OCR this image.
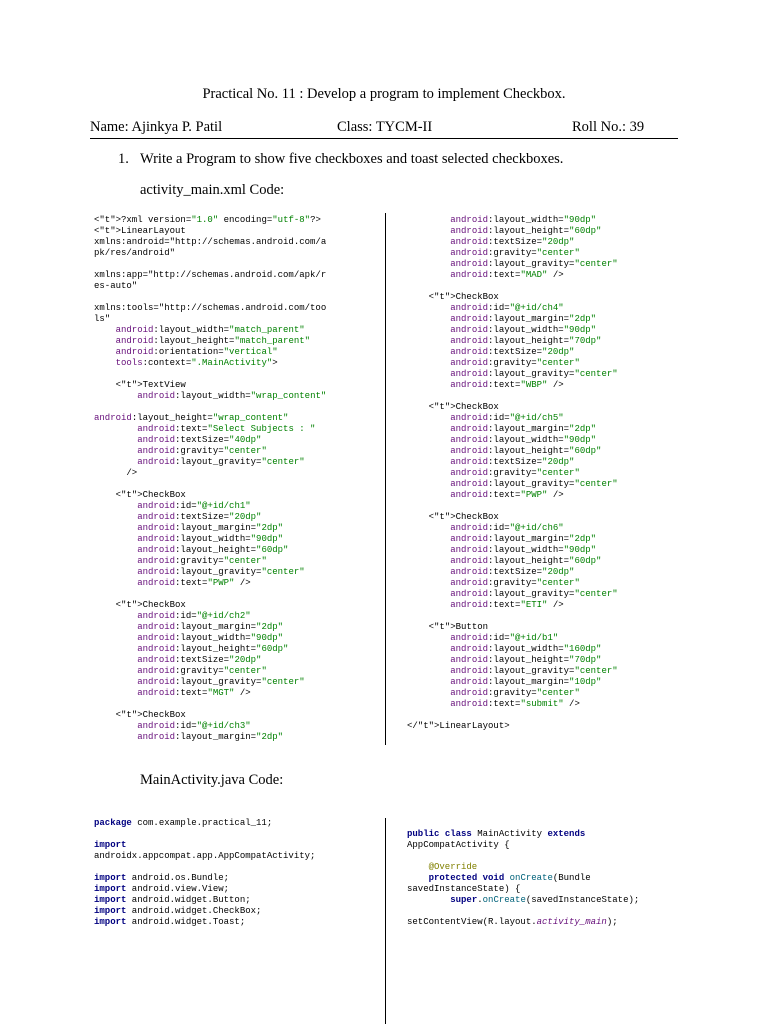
Practical No. 11 : Develop a program to implement Checkbox.
Name: Ajinkya P. Patil	Class: TYCM-II	Roll No.: 39
1. Write a Program to show five checkboxes and toast selected checkboxes.
activity_main.xml Code:
<"t">?xml version="1.0" encoding="utf-8"?>
<"t">LinearLayout
xmlns:android="http://schemas.android.com/a
pk/res/android"

xmlns:app="http://schemas.android.com/apk/r
es-auto"

xmlns:tools="http://schemas.android.com/too
ls"
android:layout_width="match_parent"
android:layout_height="match_parent"
android:orientation="vertical"
tools:context=".MainActivity">

<"t">TextView
android:layout_width="wrap_content"

android:layout_height="wrap_content"
android:text="Select Subjects : "
android:textSize="40dp"
android:gravity="center"
android:layout_gravity="center"
/>

<"t">CheckBox
android:id="@+id/ch1"
android:textSize="20dp"
android:layout_margin="2dp"
android:layout_width="90dp"
android:layout_height="60dp"
android:gravity="center"
android:layout_gravity="center"
android:text="PWP" />

<"t">CheckBox
android:id="@+id/ch2"
android:layout_margin="2dp"
android:layout_width="90dp"
android:layout_height="60dp"
android:textSize="20dp"
android:gravity="center"
android:layout_gravity="center"
android:text="MGT" />

<"t">CheckBox
android:id="@+id/ch3"
android:layout_margin="2dp"
android:layout_width="90dp"
android:layout_height="60dp"
android:textSize="20dp"
android:gravity="center"
android:layout_gravity="center"
android:text="MAD" />

<"t">CheckBox
android:id="@+id/ch4"
android:layout_margin="2dp"
android:layout_width="90dp"
android:layout_height="70dp"
android:textSize="20dp"
android:gravity="center"
android:layout_gravity="center"
android:text="WBP" />

<"t">CheckBox
android:id="@+id/ch5"
android:layout_margin="2dp"
android:layout_width="90dp"
android:layout_height="60dp"
android:textSize="20dp"
android:gravity="center"
android:layout_gravity="center"
android:text="PWP" />

<"t">CheckBox
android:id="@+id/ch6"
android:layout_margin="2dp"
android:layout_width="90dp"
android:layout_height="60dp"
android:textSize="20dp"
android:gravity="center"
android:layout_gravity="center"
android:text="ETI" />

<"t">Button
android:id="@+id/b1"
android:layout_width="160dp"
android:layout_height="70dp"
android:layout_gravity="center"
android:layout_margin="10dp"
android:gravity="center"
android:text="submit" />

</"t">LinearLayout>
MainActivity.java Code:
package com.example.practical_11;

import
androidx.appcompat.app.AppCompatActivity;

import android.os.Bundle;
import android.view.View;
import android.widget.Button;
import android.widget.CheckBox;
import android.widget.Toast;
public class MainActivity extends
AppCompatActivity {

@Override
protected void onCreate(Bundle
savedInstanceState) {
super.onCreate(savedInstanceState);

setContentView(R.layout.activity_main);
